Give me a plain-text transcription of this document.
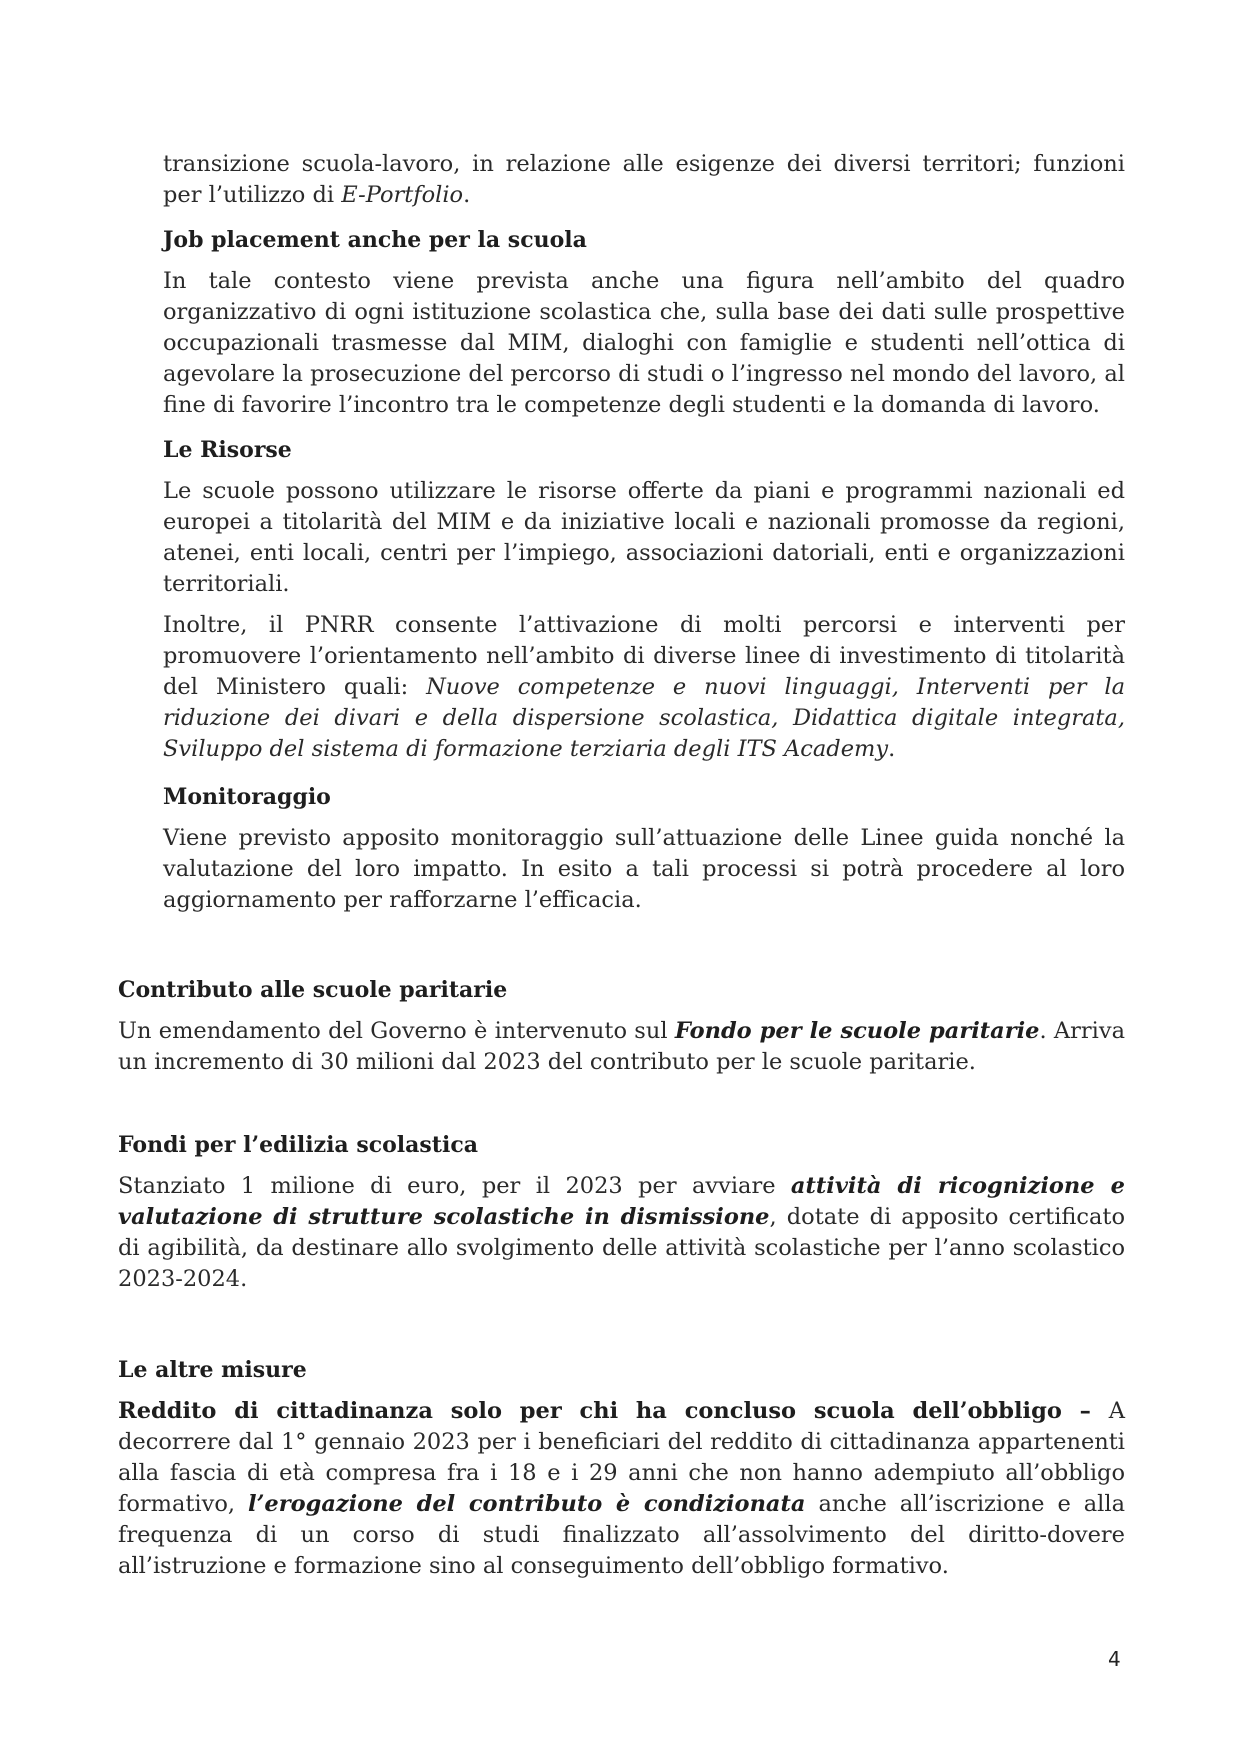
transizione scuola-lavoro, in relazione alle esigenze dei diversi territori; funzioni per l’utilizzo di E-Portfolio.

Job placement anche per la scuola

In tale contesto viene prevista anche una figura nell’ambito del quadro organizzativo di ogni istituzione scolastica che, sulla base dei dati sulle prospettive occupazionali trasmesse dal MIM, dialoghi con famiglie e studenti nell’ottica di agevolare la prosecuzione del percorso di studi o l’ingresso nel mondo del lavoro, al fine di favorire l’incontro tra le competenze degli studenti e la domanda di lavoro.

Le Risorse

Le scuole possono utilizzare le risorse offerte da piani e programmi nazionali ed europei a titolarità del MIM e da iniziative locali e nazionali promosse da regioni, atenei, enti locali, centri per l’impiego, associazioni datoriali, enti e organizzazioni territoriali.

Inoltre, il PNRR consente l’attivazione di molti percorsi e interventi per promuovere l’orientamento nell’ambito di diverse linee di investimento di titolarità del Ministero quali: Nuove competenze e nuovi linguaggi, Interventi per la riduzione dei divari e della dispersione scolastica, Didattica digitale integrata, Sviluppo del sistema di formazione terziaria degli ITS Academy.

Monitoraggio

Viene previsto apposito monitoraggio sull’attuazione delle Linee guida nonché la valutazione del loro impatto. In esito a tali processi si potrà procedere al loro aggiornamento per rafforzarne l’efficacia.

Contributo alle scuole paritarie

Un emendamento del Governo è intervenuto sul Fondo per le scuole paritarie. Arriva un incremento di 30 milioni dal 2023 del contributo per le scuole paritarie.

Fondi per l’edilizia scolastica

Stanziato 1 milione di euro, per il 2023 per avviare attività di ricognizione e valutazione di strutture scolastiche in dismissione, dotate di apposito certificato di agibilità, da destinare allo svolgimento delle attività scolastiche per l’anno scolastico 2023-2024.

Le altre misure

Reddito di cittadinanza solo per chi ha concluso scuola dell’obbligo – A decorrere dal 1° gennaio 2023 per i beneficiari del reddito di cittadinanza appartenenti alla fascia di età compresa fra i 18 e i 29 anni che non hanno adempiuto all’obbligo formativo, l’erogazione del contributo è condizionata anche all’iscrizione e alla frequenza di un corso di studi finalizzato all’assolvimento del diritto-dovere all’istruzione e formazione sino al conseguimento dell’obbligo formativo.

4
